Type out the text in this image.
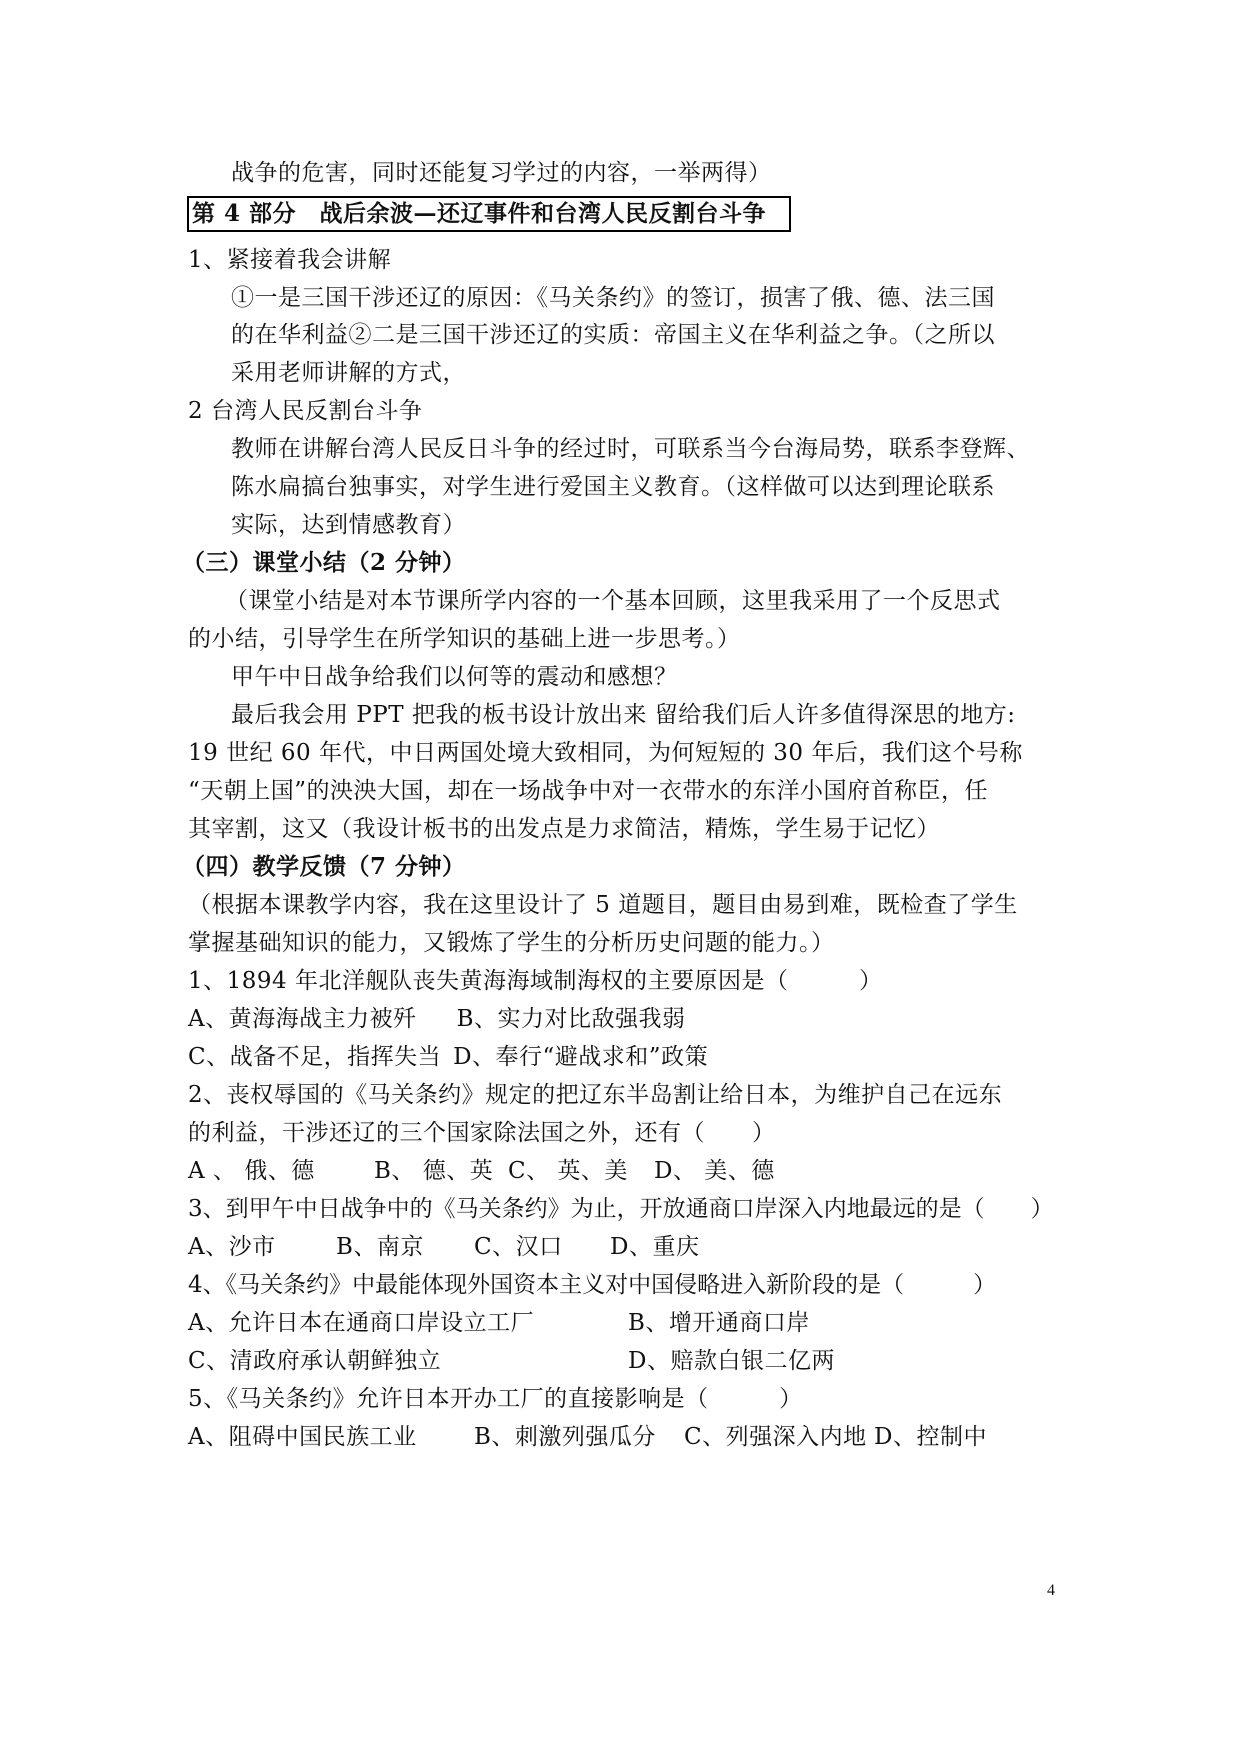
战争的危害，同时还能复习学过的内容，一举两得）
第 4 部分　战后余波—还辽事件和台湾人民反割台斗争
1、紧接着我会讲解
①一是三国干涉还辽的原因：《马关条约》的签订，损害了俄、德、法三国
的在华利益②二是三国干涉还辽的实质：帝国主义在华利益之争。（之所以
采用老师讲解的方式，
2 台湾人民反割台斗争
教师在讲解台湾人民反日斗争的经过时，可联系当今台海局势，联系李登辉、
陈水扁搞台独事实，对学生进行爱国主义教育。（这样做可以达到理论联系
实际，达到情感教育）
（三）课堂小结（2 分钟）
（课堂小结是对本节课所学内容的一个基本回顾，这里我采用了一个反思式
的小结，引导学生在所学知识的基础上进一步思考。）
甲午中日战争给我们以何等的震动和感想？
最后我会用 PPT 把我的板书设计放出来 留给我们后人许多值得深思的地方:
19 世纪 60 年代，中日两国处境大致相同，为何短短的 30 年后，我们这个号称
“天朝上国”的泱泱大国，却在一场战争中对一衣带水的东洋小国府首称臣，任
其宰割，这又（我设计板书的出发点是力求简洁，精炼，学生易于记忆）
（四）教学反馈（7 分钟）
（根据本课教学内容，我在这里设计了 5 道题目，题目由易到难，既检查了学生
掌握基础知识的能力，又锻炼了学生的分析历史问题的能力。）
1、1894 年北洋舰队丧失黄海海域制海权的主要原因是（　　　）
A、黄海海战主力被歼 B、实力对比敌强我弱
C、战备不足，指挥失当 D、奉行“避战求和”政策
2、丧权辱国的《马关条约》规定的把辽东半岛割让给日本，为维护自己在远东
的利益，干涉还辽的三个国家除法国之外，还有（　　）
A 、 俄、德	B、 德、英 C、 英、美 D、 美、德
3、到甲午中日战争中的《马关条约》为止，开放通商口岸深入内地最远的是（　　）
A、沙市	B、南京 C、汉口 D、重庆
4、《马关条约》中最能体现外国资本主义对中国侵略进入新阶段的是（　　　）
A、允许日本在通商口岸设立工厂	B、增开通商口岸
C、清政府承认朝鲜独立	D、赔款白银二亿两
5、《马关条约》允许日本开办工厂的直接影响是（　　　）
A、阻碍中国民族工业 B、刺激列强瓜分 C、列强深入内地 D、控制中
4
